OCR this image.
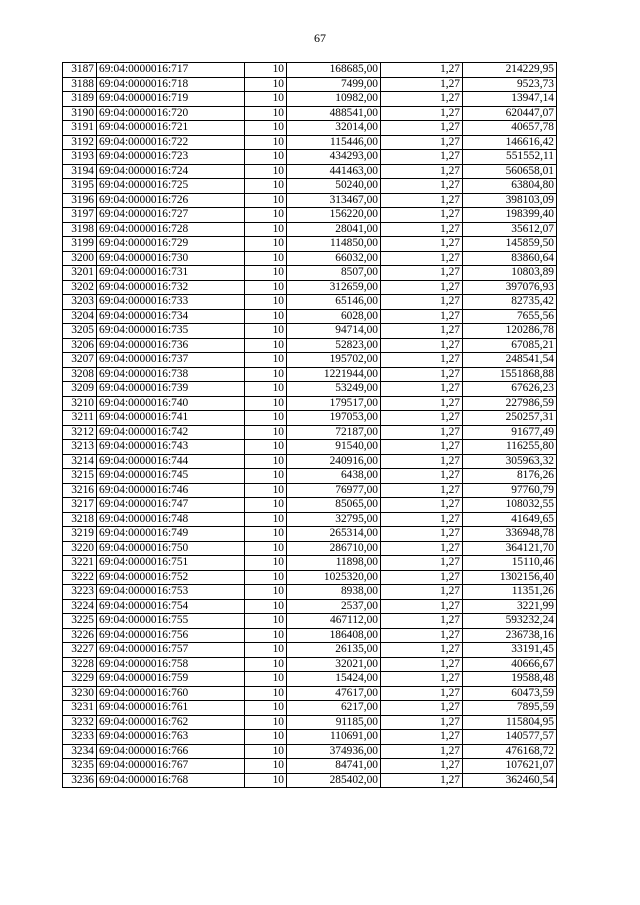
67
3187	69:04:0000016:717	10	168685,00	1,27	214229,95
3188	69:04:0000016:718	10	7499,00	1,27	9523,73
3189	69:04:0000016:719	10	10982,00	1,27	13947,14
3190	69:04:0000016:720	10	488541,00	1,27	620447,07
3191	69:04:0000016:721	10	32014,00	1,27	40657,78
3192	69:04:0000016:722	10	115446,00	1,27	146616,42
3193	69:04:0000016:723	10	434293,00	1,27	551552,11
3194	69:04:0000016:724	10	441463,00	1,27	560658,01
3195	69:04:0000016:725	10	50240,00	1,27	63804,80
3196	69:04:0000016:726	10	313467,00	1,27	398103,09
3197	69:04:0000016:727	10	156220,00	1,27	198399,40
3198	69:04:0000016:728	10	28041,00	1,27	35612,07
3199	69:04:0000016:729	10	114850,00	1,27	145859,50
3200	69:04:0000016:730	10	66032,00	1,27	83860,64
3201	69:04:0000016:731	10	8507,00	1,27	10803,89
3202	69:04:0000016:732	10	312659,00	1,27	397076,93
3203	69:04:0000016:733	10	65146,00	1,27	82735,42
3204	69:04:0000016:734	10	6028,00	1,27	7655,56
3205	69:04:0000016:735	10	94714,00	1,27	120286,78
3206	69:04:0000016:736	10	52823,00	1,27	67085,21
3207	69:04:0000016:737	10	195702,00	1,27	248541,54
3208	69:04:0000016:738	10	1221944,00	1,27	1551868,88
3209	69:04:0000016:739	10	53249,00	1,27	67626,23
3210	69:04:0000016:740	10	179517,00	1,27	227986,59
3211	69:04:0000016:741	10	197053,00	1,27	250257,31
3212	69:04:0000016:742	10	72187,00	1,27	91677,49
3213	69:04:0000016:743	10	91540,00	1,27	116255,80
3214	69:04:0000016:744	10	240916,00	1,27	305963,32
3215	69:04:0000016:745	10	6438,00	1,27	8176,26
3216	69:04:0000016:746	10	76977,00	1,27	97760,79
3217	69:04:0000016:747	10	85065,00	1,27	108032,55
3218	69:04:0000016:748	10	32795,00	1,27	41649,65
3219	69:04:0000016:749	10	265314,00	1,27	336948,78
3220	69:04:0000016:750	10	286710,00	1,27	364121,70
3221	69:04:0000016:751	10	11898,00	1,27	15110,46
3222	69:04:0000016:752	10	1025320,00	1,27	1302156,40
3223	69:04:0000016:753	10	8938,00	1,27	11351,26
3224	69:04:0000016:754	10	2537,00	1,27	3221,99
3225	69:04:0000016:755	10	467112,00	1,27	593232,24
3226	69:04:0000016:756	10	186408,00	1,27	236738,16
3227	69:04:0000016:757	10	26135,00	1,27	33191,45
3228	69:04:0000016:758	10	32021,00	1,27	40666,67
3229	69:04:0000016:759	10	15424,00	1,27	19588,48
3230	69:04:0000016:760	10	47617,00	1,27	60473,59
3231	69:04:0000016:761	10	6217,00	1,27	7895,59
3232	69:04:0000016:762	10	91185,00	1,27	115804,95
3233	69:04:0000016:763	10	110691,00	1,27	140577,57
3234	69:04:0000016:766	10	374936,00	1,27	476168,72
3235	69:04:0000016:767	10	84741,00	1,27	107621,07
3236	69:04:0000016:768	10	285402,00	1,27	362460,54
